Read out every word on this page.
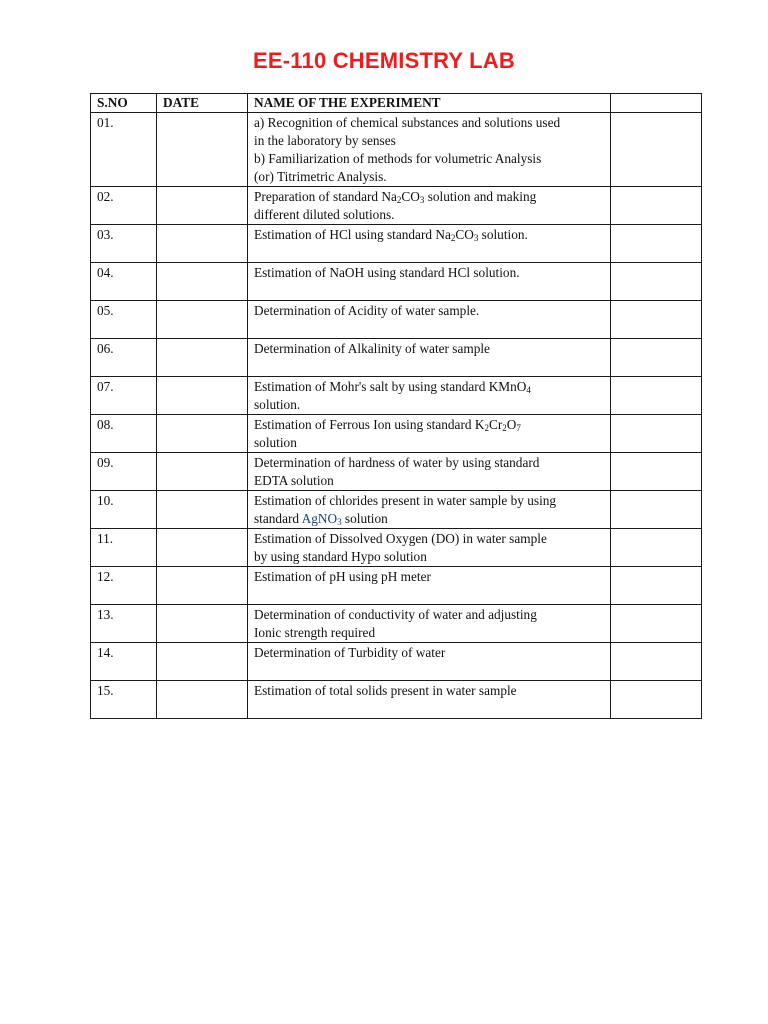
EE-110 CHEMISTRY LAB
S.NO	DATE	NAME OF THE EXPERIMENT	
01.		a) Recognition of chemical substances and solutions used
in the laboratory by senses
b) Familiarization of methods for volumetric Analysis
(or) Titrimetric Analysis.	

02.		Preparation of standard $Na_2CO_3$ solution and making
different diluted solutions.	

03.		Estimation of HCl using standard $Na_2CO_3$ solution.	

04.		Estimation of NaOH using standard HCl solution.	

05.		Determination of Acidity of water sample.	

06.		Determination of Alkalinity of water sample	

07.		Estimation of Mohr's salt by using standard KMnO$_4$
solution.	

08.		Estimation of Ferrous Ion using standard $K_2Cr_2O_7$
solution	

09.		Determination of hardness of water by using standard
EDTA solution	

10.		Estimation of chlorides present in water sample by using
standard AgNO$_3$ solution	

11.		Estimation of Dissolved Oxygen (DO) in water sample
by using standard Hypo solution	

12.		Estimation of pH using pH meter	

13.		Determination of conductivity of water and adjusting
Ionic strength required	

14.		Determination of Turbidity of water	

15.		Estimation of total solids present in water sample	
